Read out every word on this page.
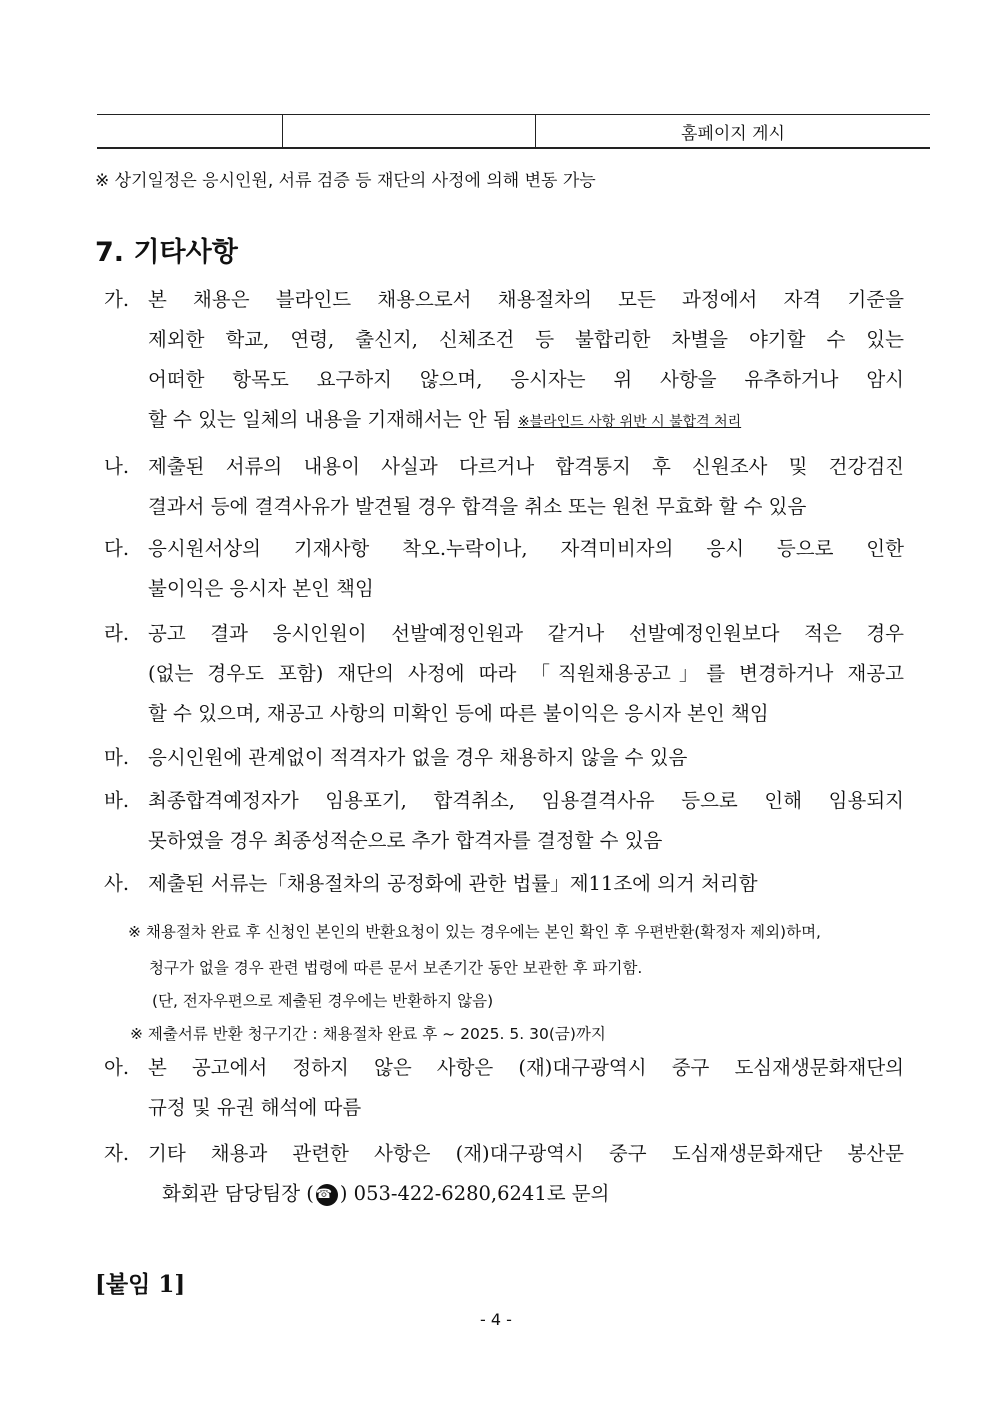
홈페이지 게시
※ 상기일정은 응시인원, 서류 검증 등 재단의 사정에 의해 변동 가능
7. 기타사항
가. 본 채용은 블라인드 채용으로서 채용절차의 모든 과정에서 자격 기준을
제외한 학교, 연령, 출신지, 신체조건 등 불합리한 차별을 야기할 수 있는
어떠한 항목도 요구하지 않으며, 응시자는 위 사항을 유추하거나 암시
할 수 있는 일체의 내용을 기재해서는 안 됨 ※블라인드 사항 위반 시 불합격 처리
나. 제출된 서류의 내용이 사실과 다르거나 합격통지 후 신원조사 및 건강검진
결과서 등에 결격사유가 발견될 경우 합격을 취소 또는 원천 무효화 할 수 있음
다. 응시원서상의 기재사항 착오.누락이나, 자격미비자의 응시 등으로 인한
불이익은 응시자 본인 책임
라. 공고 결과 응시인원이 선발예정인원과 같거나 선발예정인원보다 적은 경우
(없는 경우도 포함) 재단의 사정에 따라 「직원채용공고」를 변경하거나 재공고
할 수 있으며, 재공고 사항의 미확인 등에 따른 불이익은 응시자 본인 책임
마. 응시인원에 관계없이 적격자가 없을 경우 채용하지 않을 수 있음
바. 최종합격예정자가 임용포기, 합격취소, 임용결격사유 등으로 인해 임용되지
못하였을 경우 최종성적순으로 추가 합격자를 결정할 수 있음
사. 제출된 서류는「채용절차의 공정화에 관한 법률」제11조에 의거 처리함
※ 채용절차 완료 후 신청인 본인의 반환요청이 있는 경우에는 본인 확인 후 우편반환(확정자 제외)하며,
청구가 없을 경우 관련 법령에 따른 문서 보존기간 동안 보관한 후 파기함.
(단, 전자우편으로 제출된 경우에는 반환하지 않음)
※ 제출서류 반환 청구기간 : 채용절차 완료 후 ~ 2025. 5. 30(금)까지
아. 본 공고에서 정하지 않은 사항은 (재)대구광역시 중구 도심재생문화재단의
규정 및 유권 해석에 따름
자. 기타 채용과 관련한 사항은 (재)대구광역시 중구 도심재생문화재단 봉산문
화회관 담당팀장 ( ☎ ) 053-422-6280,6241로 문의
[붙임 1]
- 4 -
